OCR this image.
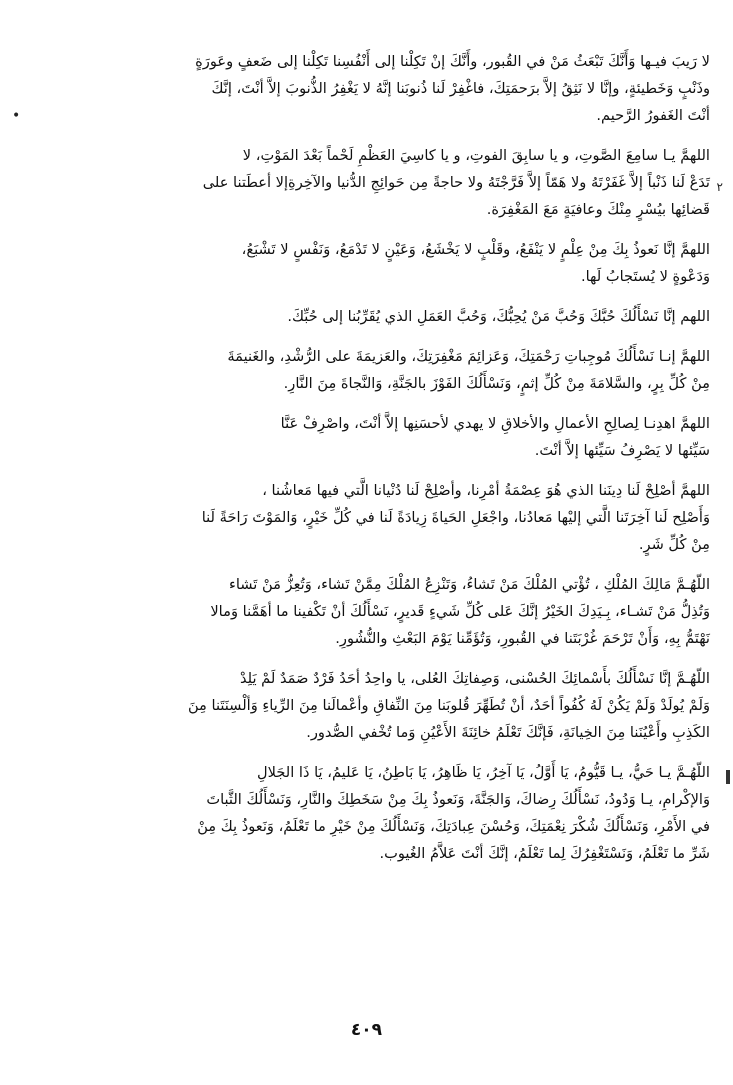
٢
•

لا رَيبَ فيـها وَأَنَّكَ تَبْعَثُ مَنْ في القُبور، وأَنَّكَ إنْ تَكِلْنا إلى أَنْفُسِنا تَكِلْنا إلى ضَعفٍ وعَورَةٍ
وذَنْبٍ وَخَطيئةٍ، وإنَّا لا نَثِقُ إلاَّ برَحمَتِكَ، فاغْفِرْ لَنا ذُنوبَنا إنَّهُ لا يَغْفِرُ الذُّنوبَ إلاَّ أنْتَ، إنَّكَ
أنْتَ الغَفورُ الرَّحيم.

اللهمَّ يـا سامِعَ الصَّوتِ، و يا سابِقَ الفوتِ، و يا كاسِيَ العَظْمِ لَحْماً بَعْدَ المَوْتِ، لا
تَدَعْ لَنا ذَنْباً إلاَّ غَفَرْتَهُ ولا هَمّاً إلاَّ فَرَّجْتَهُ ولا حاجةً مِن حَوائِجِ الدُّنيا والآخِرةِإلا أعطَتنا على
قَضائِها بيُسْرٍ مِنْكَ وعافيَةٍ مَعَ المَغْفِرَة.

اللهمَّ إنَّا نَعوذُ بِكَ مِنْ عِلْمٍ لا يَنْفَعُ، وقَلْبٍ لا يَخْشَعُ، وَعَيْنٍ لا تَدْمَعُ، وَنَفْسٍ لا تَشْبَعُ،
وَدَعْوةٍ لا يُستَجابُ لَها.

اللهم إنَّا نَسْأَلُكَ حُبَّكَ وَحُبَّ مَنْ يُحِبُّكَ، وَحُبَّ العَمَلِ الذي يُقَرِّبُنا إلى حُبِّكَ.

اللهمَّ إنـا نَسْأَلُكَ مُوجِباتِ رَحْمَتِكَ، وَعَزائِمَ مَغْفِرَتِكَ، والعَزيمَةَ على الرُّشْدِ، والغَنيمَةَ
مِنْ كُلِّ بِرٍ، والسَّلامَةَ مِنْ كُلِّ إثمٍ، وَنَسْأَلُكَ الفَوْزَ بالجَنَّةِ، وَالنَّجاةَ مِنَ النَّارِ.

اللهمَّ اهدِنـا لِصالِحِ الأعمالِ والأخلاقِ لا يهدي لأحسَنِها إلاَّ أنْتَ، واصْرِفْ عَنَّا
سَيِّئها لا يَصْرِفُ سَيِّئها إلاَّ أنْتَ.

اللهمَّ أصْلِحْ لَنا دِينَنا الذي هُوَ عِصْمَةُ أمْرِنا، وأصْلِحْ لَنا دُنْيانا الَّتي فيها مَعاشُنا ،
وَأَصْلِح لَنا آخِرَتَنا الَّتي إليْها مَعادُنا، واجْعَلِ الحَياةَ زِيادَةً لَنا في كُلِّ خَيْرٍ، وَالمَوْتَ رَاحَةً لَنا
مِنْ كُلِّ شَرٍ.

اللّهُـمَّ مَالِكَ المُلْكِ ، تُؤْتي المُلْكَ مَنْ تَشاءُ، وَتَنْزِعُ المُلْكَ مِمَّنْ تَشاء، وَتُعِزُّ مَنْ تَشاء
وَتُذِلُّ مَنْ تَشـاء، بِـيَدِكَ الخَيْرُ إنَّكَ عَلى كُلِّ شَيءٍ قَديرٍ، نَسْأَلُكَ أنْ تَكْفينا ما أهَمَّنا وَمالا
نَهْتَمُّ بِهِ، وَأَنْ تَرْحَمَ غُرْبَتَنا في القُبورِ، وَتُؤَمِّنا يَوْمَ البَعْثِ والنُّشُورِ.

اللّهُـمَّ إنَّا نَسْأَلُكَ بأَسْمائِكَ الحُسْنى، وَصِفاتِكَ العُلى، يا واحِدُ أحَدُ فَرْدٌ صَمَدٌ لَمْ يَلِدْ
وَلَمْ يُولَدْ وَلَمْ يَكُنْ لَهُ كُفُواً أحَدٌ، أنْ تُطَهِّرَ قُلوبَنا مِنَ النِّفاقِ وأعْمالَنا مِنَ الرِّياءِ وَألْسِنَتَنا مِنَ
الكَذِبِ وأَعْيُنَنا مِنَ الخِيانَةِ، فَإنَّكَ تَعْلَمُ خائِنَةَ الأَعْيُنِ وَما تُخْفي الصُّدور.

اللّهُـمَّ يـا حَيُّ، يـا قَيُّومُ، يَا أَوَّلُ، يَا آخِرُ، يَا ظَاهِرُ، يَا بَاطِنُ، يَا عَليمُ، يَا ذَا الجَلالِ
وَالإكْرامِ، يـا وَدُودُ، نَسْأَلُكَ رِضاكَ، وَالجَنَّةَ، وَنَعوذُ بِكَ مِنْ سَخَطِكَ والنَّارِ، وَنَسْأَلُكَ الثَّباتَ
في الأَمْرِ، وَنَسْأَلُكَ شُكْرَ نِعْمَتِكَ، وَحُسْنَ عِبادَتِكَ، وَنَسْأَلُكَ مِنْ خَيْرِ ما تَعْلَمُ، وَنَعوذُ بِكَ مِنْ
شَرِّ ما تَعْلَمُ، وَنَسْتَغْفِرُكَ لِما تَعْلَمُ، إنَّكَ أنْتَ عَلاَّمُ الغُيوب.

٤٠٩
